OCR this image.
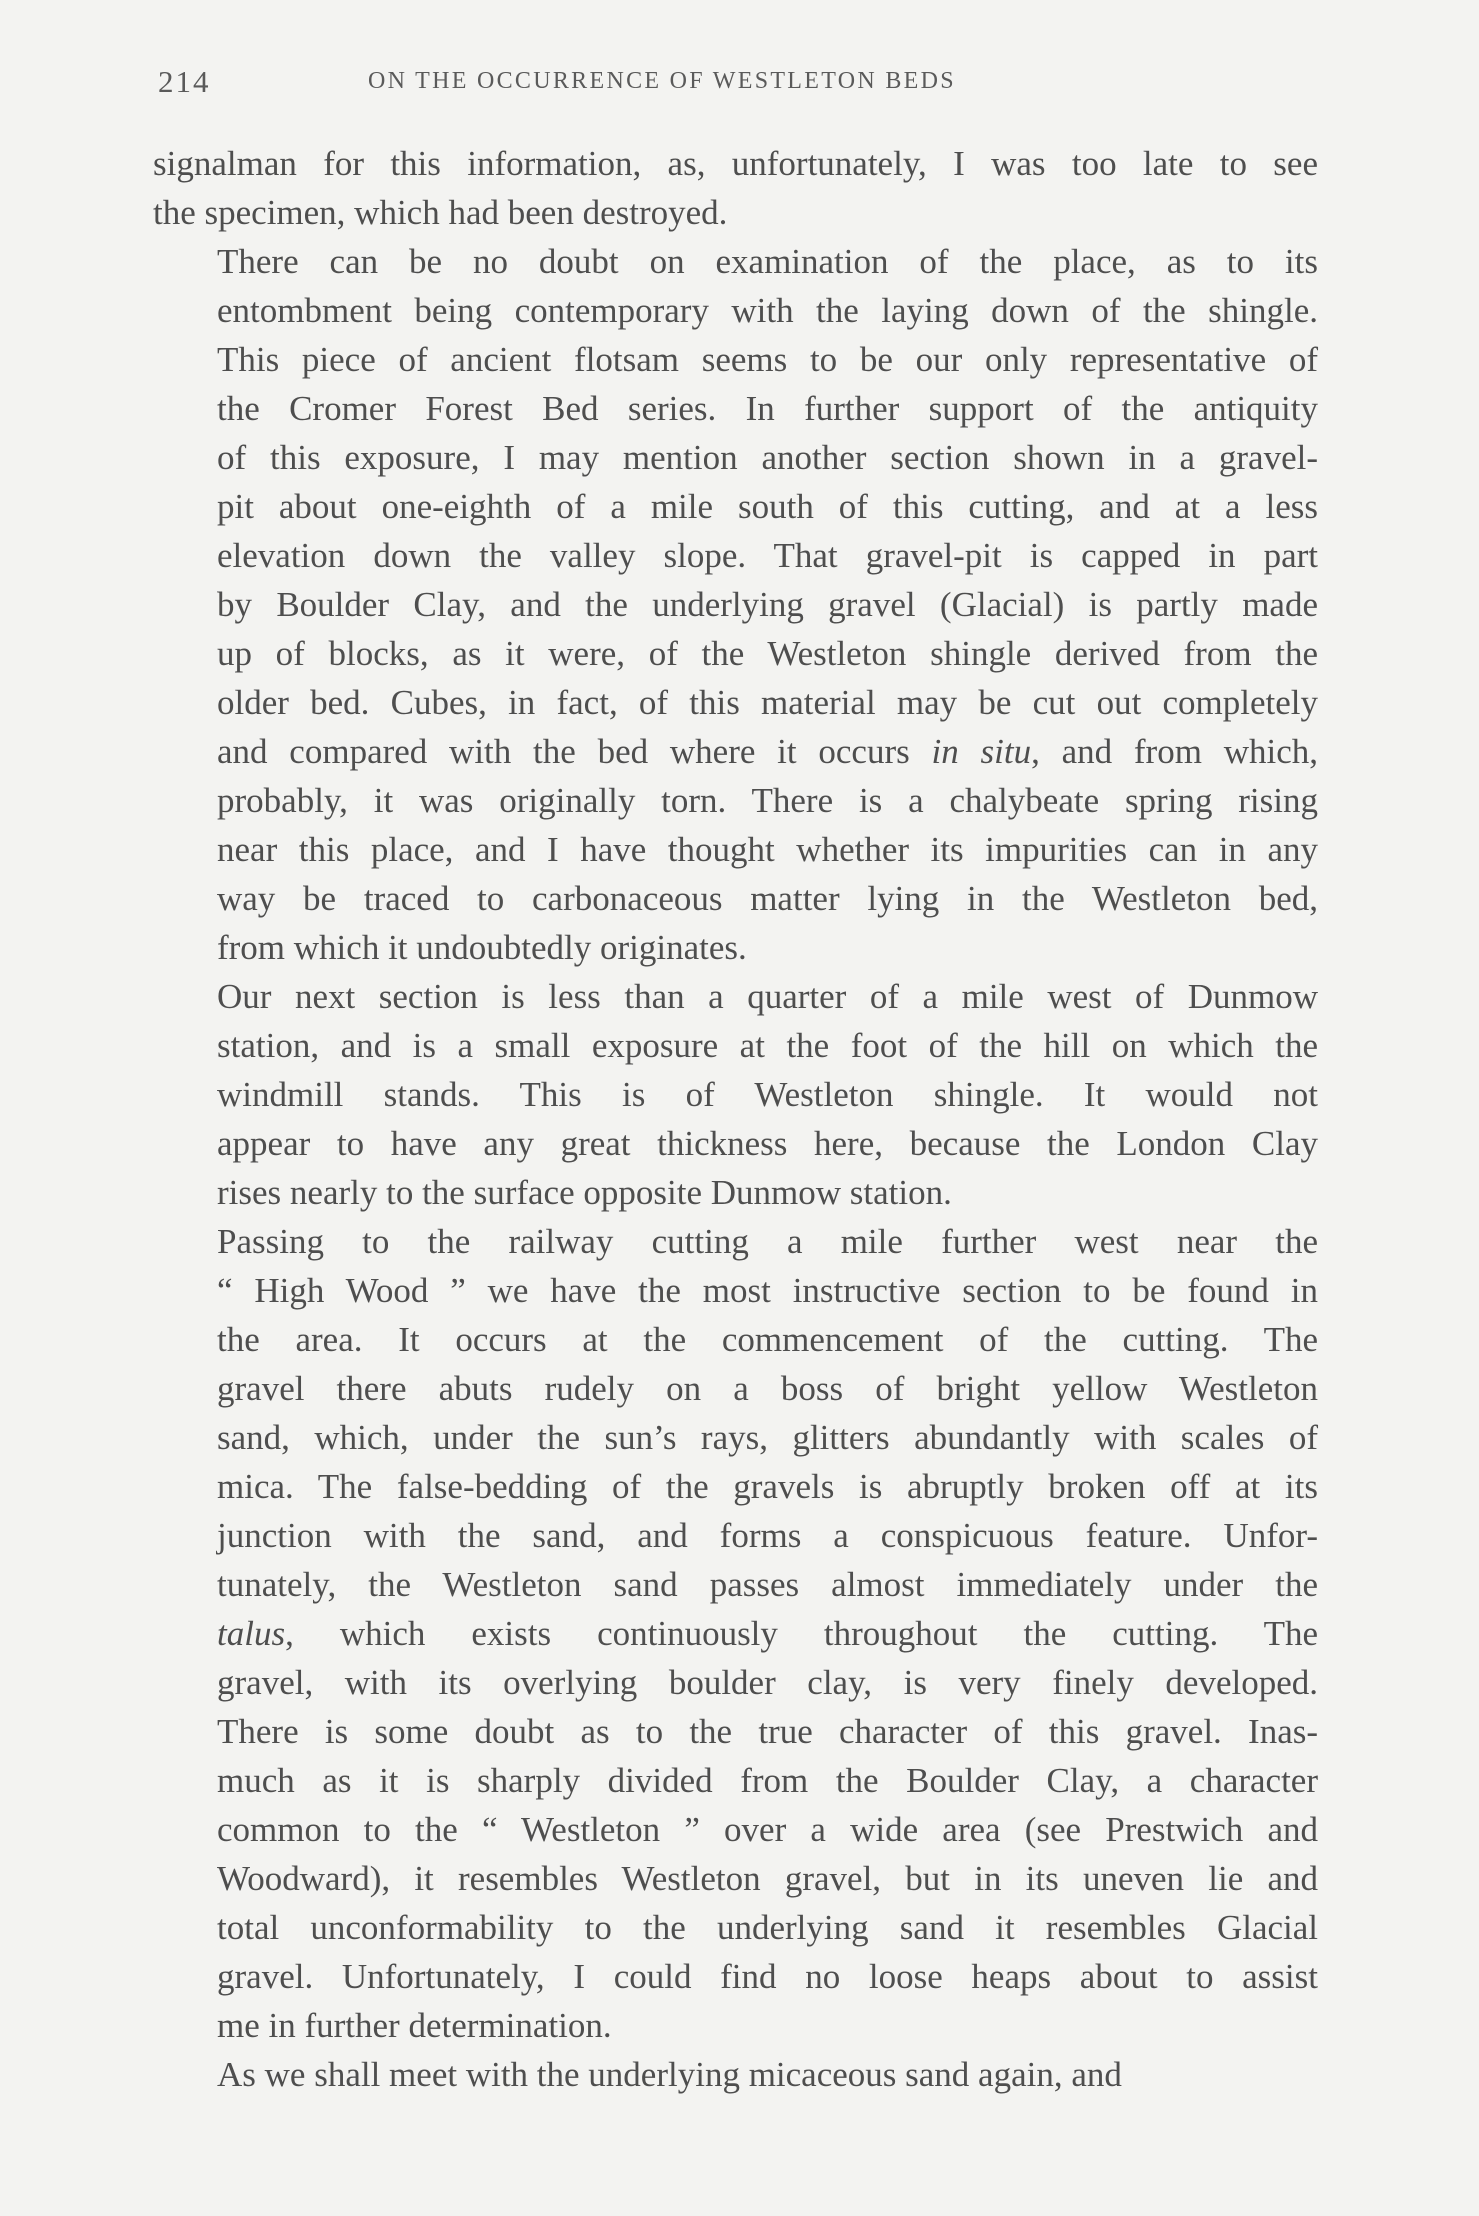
214	ON THE OCCURRENCE OF WESTLETON BEDS
signalman for this information, as, unfortunately, I was too late to see
the specimen, which had been destroyed.
There can be no doubt on examination of the place, as to its
entombment being contemporary with the laying down of the shingle.
This piece of ancient flotsam seems to be our only representative of
the Cromer Forest Bed series. In further support of the antiquity
of this exposure, I may mention another section shown in a gravel-
pit about one-eighth of a mile south of this cutting, and at a less
elevation down the valley slope. That gravel-pit is capped in part
by Boulder Clay, and the underlying gravel (Glacial) is partly made
up of blocks, as it were, of the Westleton shingle derived from the
older bed. Cubes, in fact, of this material may be cut out completely
and compared with the bed where it occurs in situ, and from which,
probably, it was originally torn. There is a chalybeate spring rising
near this place, and I have thought whether its impurities can in any
way be traced to carbonaceous matter lying in the Westleton bed,
from which it undoubtedly originates.
Our next section is less than a quarter of a mile west of Dunmow
station, and is a small exposure at the foot of the hill on which the
windmill stands. This is of Westleton shingle. It would not
appear to have any great thickness here, because the London Clay
rises nearly to the surface opposite Dunmow station.
Passing to the railway cutting a mile further west near the
“ High Wood ” we have the most instructive section to be found in
the area. It occurs at the commencement of the cutting. The
gravel there abuts rudely on a boss of bright yellow Westleton
sand, which, under the sun’s rays, glitters abundantly with scales of
mica. The false-bedding of the gravels is abruptly broken off at its
junction with the sand, and forms a conspicuous feature. Unfor-
tunately, the Westleton sand passes almost immediately under the
talus, which exists continuously throughout the cutting. The
gravel, with its overlying boulder clay, is very finely developed.
There is some doubt as to the true character of this gravel. Inas-
much as it is sharply divided from the Boulder Clay, a character
common to the “ Westleton ” over a wide area (see Prestwich and
Woodward), it resembles Westleton gravel, but in its uneven lie and
total unconformability to the underlying sand it resembles Glacial
gravel. Unfortunately, I could find no loose heaps about to assist
me in further determination.
As we shall meet with the underlying micaceous sand again, and
